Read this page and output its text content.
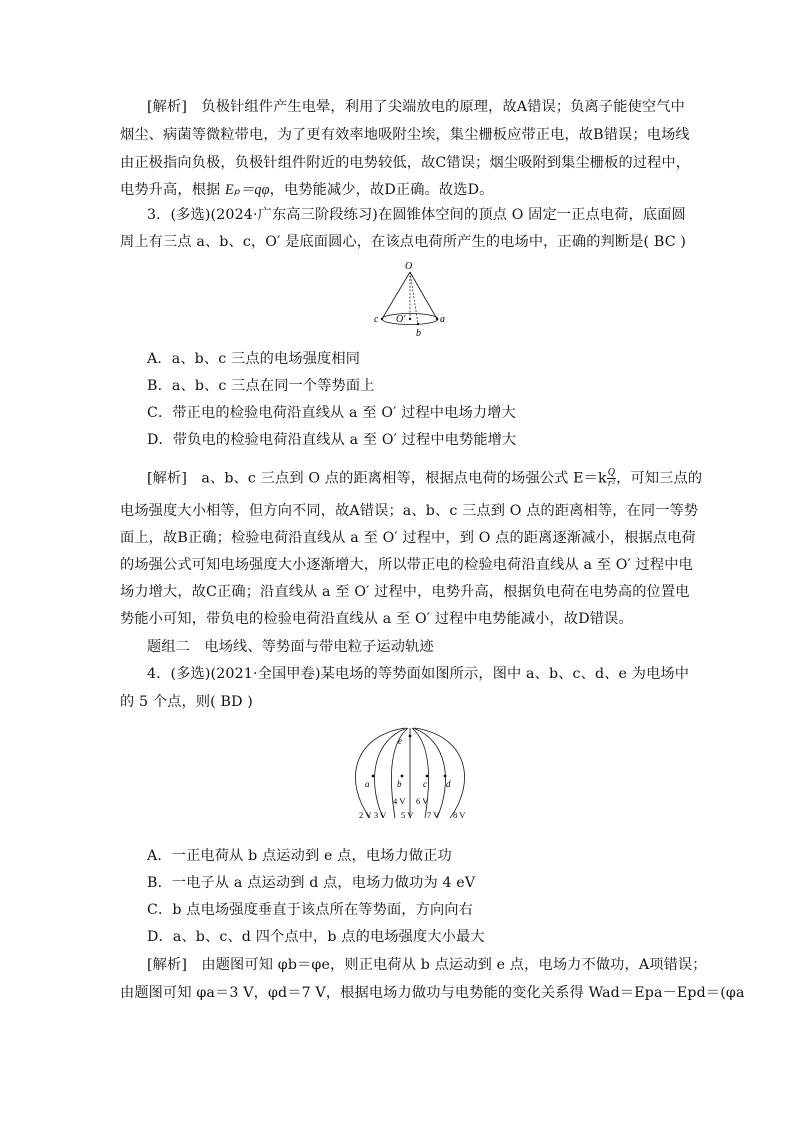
[解析]　负极针组件产生电晕，利用了尖端放电的原理，故A错误；负离子能使空气中
烟尘、病菌等微粒带电，为了更有效率地吸附尘埃，集尘栅板应带正电，故B错误；电场线
由正极指向负极，负极针组件附近的电势较低，故C错误；烟尘吸附到集尘栅板的过程中，
电势升高，根据 Eₚ＝qφ，电势能减少，故D正确。故选D。
3．(多选)(2024·广东高三阶段练习)在圆锥体空间的顶点 O 固定一正点电荷，底面圆
周上有三点 a、b、c，O′ 是底面圆心，在该点电荷所产生的电场中，正确的判断是( BC )
O
c	a
O′
b
A．a、b、c 三点的电场强度相同
B．a、b、c 三点在同一个等势面上
C．带正电的检验电荷沿直线从 a 至 O′ 过程中电场力增大
D．带负电的检验电荷沿直线从 a 至 O′ 过程中电势能增大
[解析]　a、b、c 三点到 O 点的距离相等，根据点电荷的场强公式 $E=k \frac{Q}{\text{r²}}$ ，可知三点的
电场强度大小相等，但方向不同，故A错误；a、b、c 三点到 O 点的距离相等，在同一等势
面上，故B正确；检验电荷沿直线从 a 至 O′ 过程中，到 O 点的距离逐渐减小，根据点电荷
的场强公式可知电场强度大小逐渐增大，所以带正电的检验电荷沿直线从 a 至 O′ 过程中电
场力增大，故C正确；沿直线从 a 至 O′ 过程中，电势升高，根据负电荷在电势高的位置电
势能小可知，带负电的检验电荷沿直线从 a 至 O′ 过程中电势能减小，故D错误。
题组二　电场线、等势面与带电粒子运动轨迹
4．(多选)(2021·全国甲卷)某电场的等势面如图所示，图中 a、b、c、d、e 为电场中
的 5 个点，则( BD )
e
a	b c d
4 V 6 V
2 V 3 V 5 V 7 V 8 V
A．一正电荷从 b 点运动到 e 点，电场力做正功
B．一电子从 a 点运动到 d 点，电场力做功为 4 eV
C．b 点电场强度垂直于该点所在等势面，方向向右
D．a、b、c、d 四个点中，b 点的电场强度大小最大
[解析]　由题图可知 φb＝φe，则正电荷从 b 点运动到 e 点，电场力不做功，A项错误；
由题图可知 φa＝3 V，φd＝7 V，根据电场力做功与电势能的变化关系得 Wad＝Epa－Epd＝(φa
